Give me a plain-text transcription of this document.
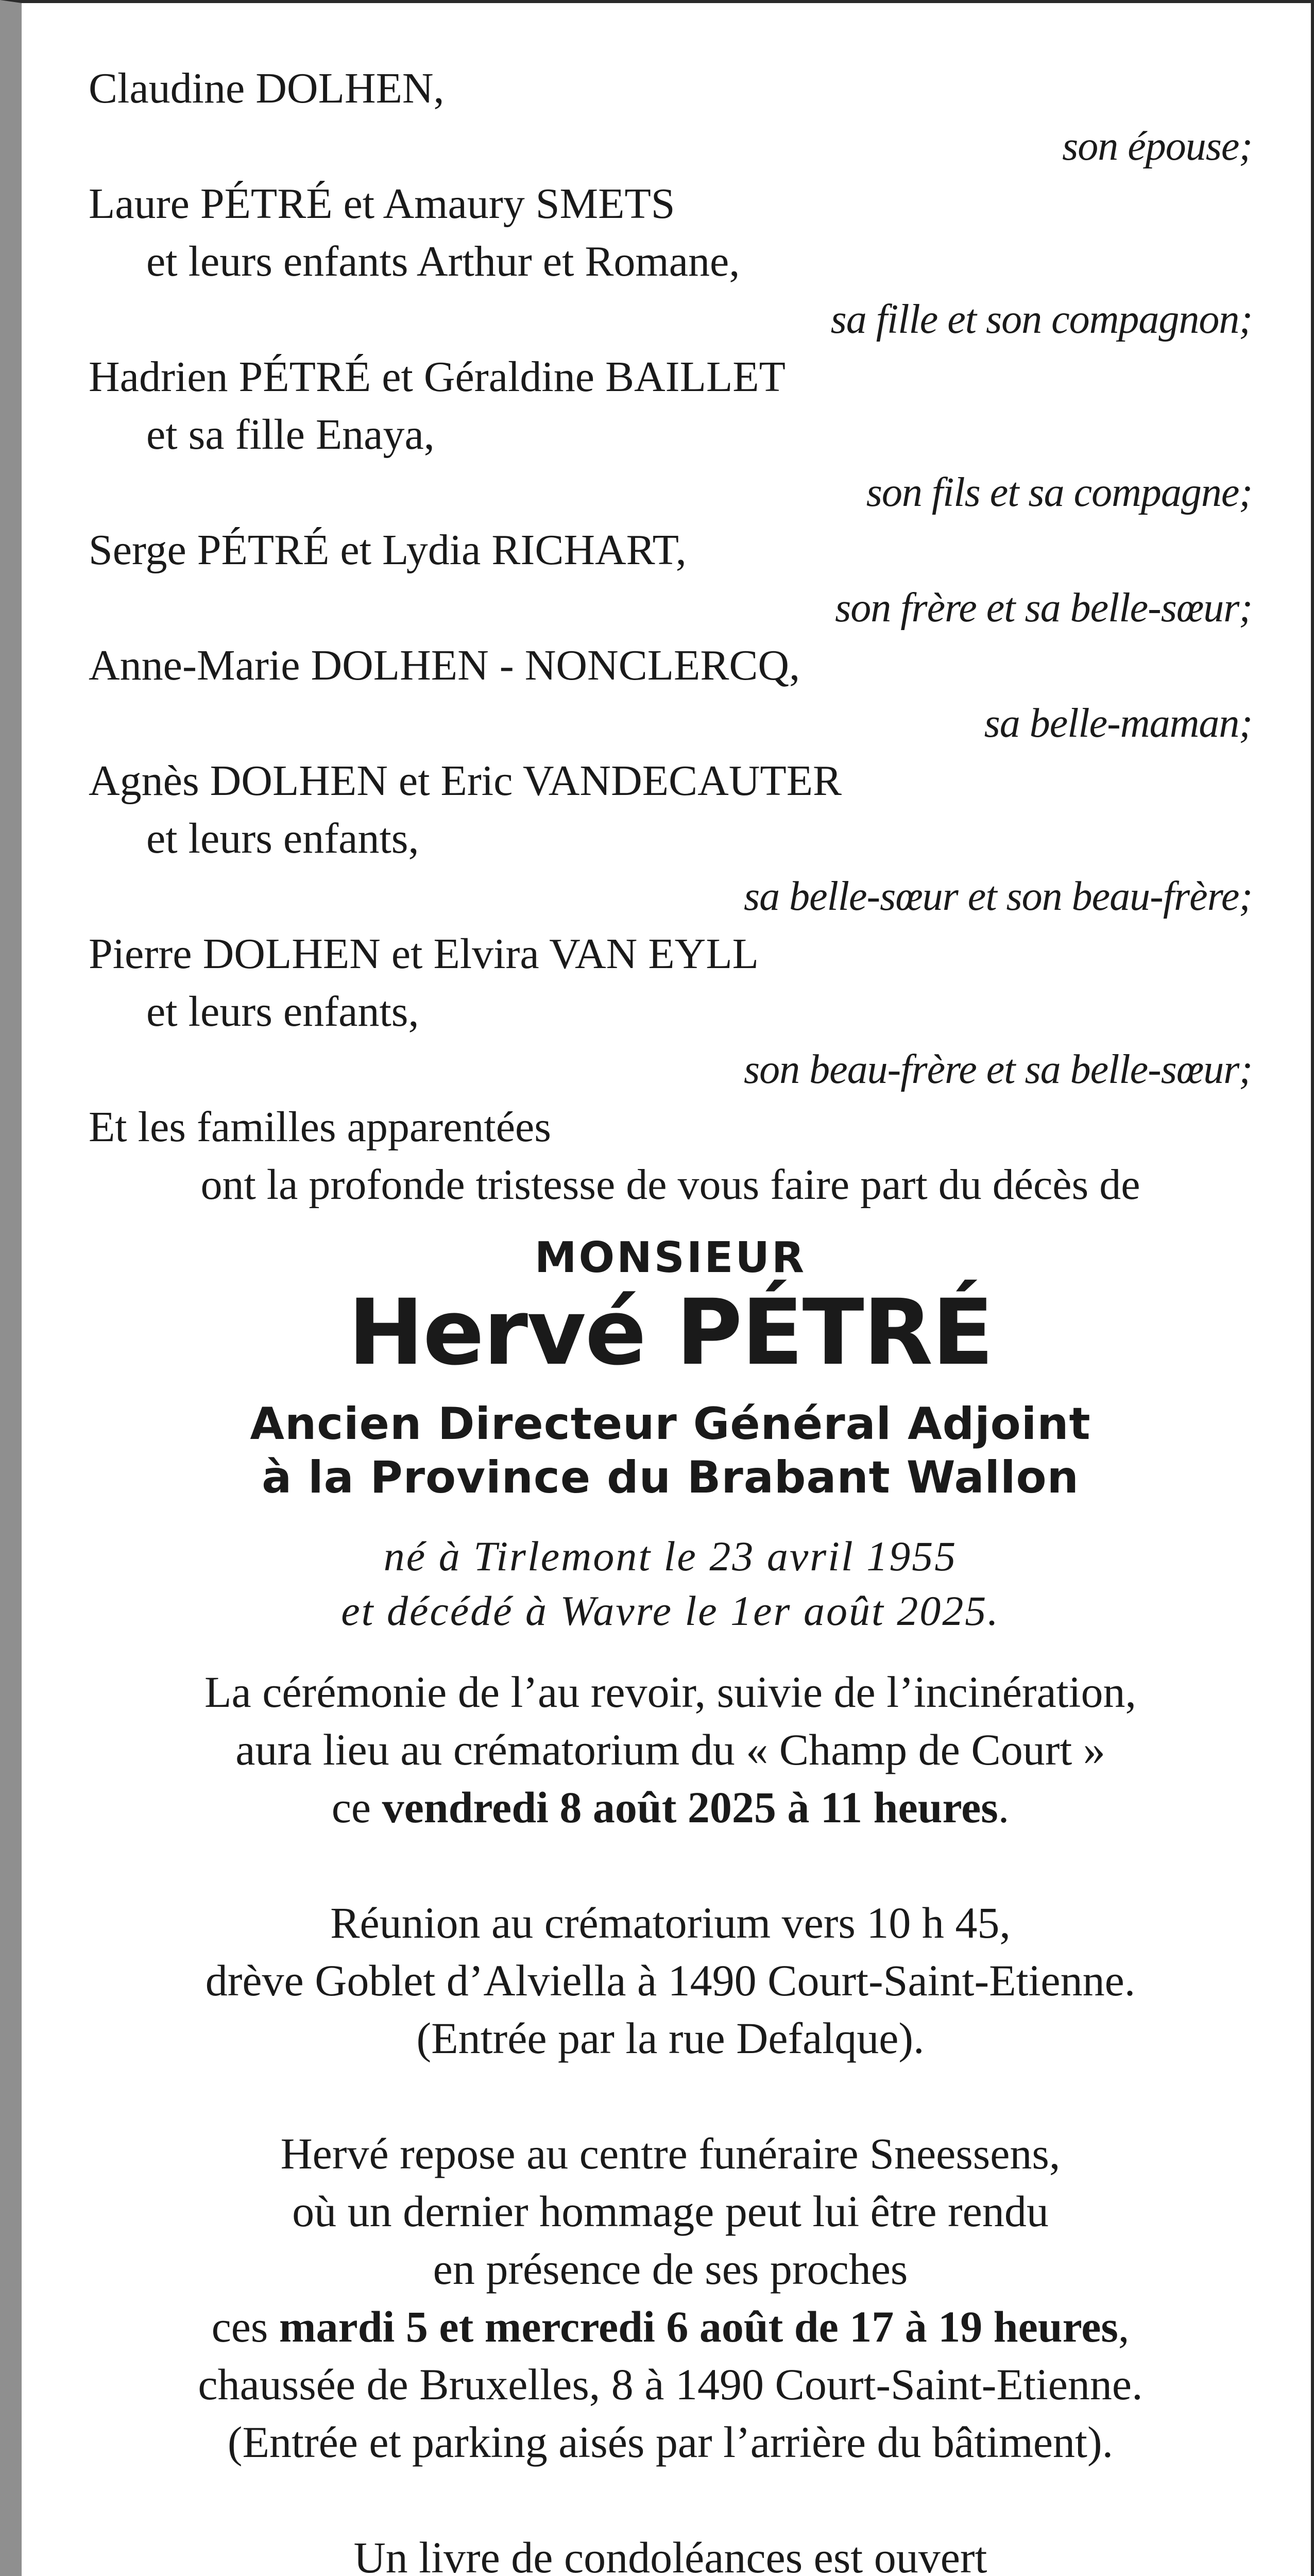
Claudine DOLHEN,

son épouse;

Laure PÉTRÉ et Amaury SMETS

et leurs enfants Arthur et Romane,

sa fille et son compagnon;

Hadrien PÉTRÉ et Géraldine BAILLET

et sa fille Enaya,

son fils et sa compagne;

Serge PÉTRÉ et Lydia RICHART,

son frère et sa belle-sœur;

Anne-Marie DOLHEN - NONCLERCQ,

sa belle-maman;

Agnès DOLHEN et Eric VANDECAUTER

et leurs enfants,

sa belle-sœur et son beau-frère;

Pierre DOLHEN et Elvira VAN EYLL

et leurs enfants,

son beau-frère et sa belle-sœur;

Et les familles apparentées

ont la profonde tristesse de vous faire part du décès de
MONSIEUR
Hervé PÉTRÉ
Ancien Directeur Général Adjoint
à la Province du Brabant Wallon
né à Tirlemont le 23 avril 1955
et décédé à Wavre le 1er août 2025.

La cérémonie de l’au revoir, suivie de l’incinération,

aura lieu au crématorium du « Champ de Court »

ce vendredi 8 août 2025 à 11 heures.

Réunion au crématorium vers 10 h 45,

drève Goblet d’Alviella à 1490 Court-Saint-Etienne.

(Entrée par la rue Defalque).

Hervé repose au centre funéraire Sneessens,

où un dernier hommage peut lui être rendu

en présence de ses proches

ces mardi 5 et mercredi 6 août de 17 à 19 heures,

chaussée de Bruxelles, 8 à 1490 Court-Saint-Etienne.

(Entrée et parking aisés par l’arrière du bâtiment).

Un livre de condoléances est ouvert
